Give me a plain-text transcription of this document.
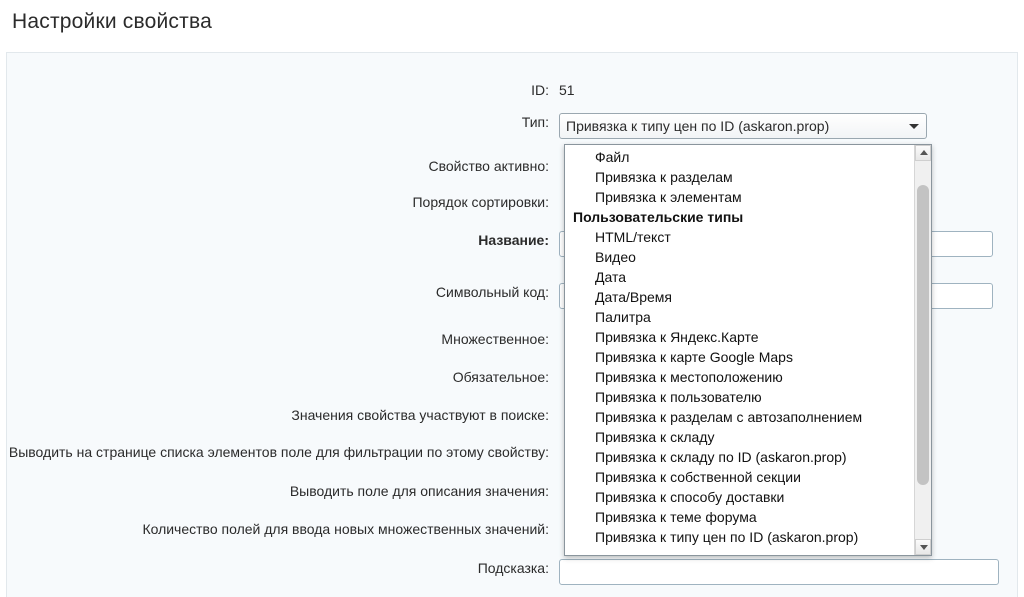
Настройки свойства
ID: 51
Тип:	Привязка к типу цен по ID (askaron.prop)
Свойство активно:
Порядок сортировки:
Название:
Символьный код:
Множественное:
Обязательное:
Значения свойства участвуют в поиске:
Выводить на странице списка элементов поле для фильтрации по этому свойству:
Выводить поле для описания значения:
Количество полей для ввода новых множественных значений:
Подсказка:
Файл
Привязка к разделам
Привязка к элементам
Пользовательские типы
HTML/текст
Видео
Дата
Дата/Время
Палитра
Привязка к Яндекс.Карте
Привязка к карте Google Maps
Привязка к местоположению
Привязка к пользователю
Привязка к разделам с автозаполнением
Привязка к складу
Привязка к складу по ID (askaron.prop)
Привязка к собственной секции
Привязка к способу доставки
Привязка к теме форума
Привязка к типу цен по ID (askaron.prop)
